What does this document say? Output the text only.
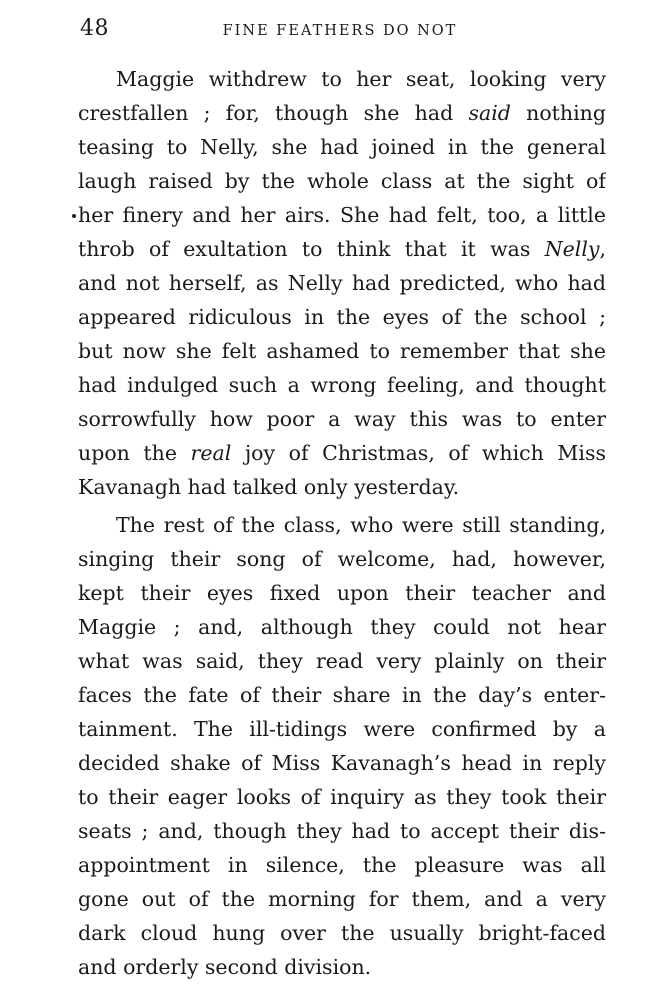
48	FINE FEATHERS DO NOT
Maggie withdrew to her seat, looking very
crestfallen ; for, though she had said nothing
teasing to Nelly, she had joined in the general
laugh raised by the whole class at the sight of
her finery and her airs. She had felt, too, a little
throb of exultation to think that it was Nelly,
and not herself, as Nelly had predicted, who had
appeared ridiculous in the eyes of the school ;
but now she felt ashamed to remember that she
had indulged such a wrong feeling, and thought
sorrowfully how poor a way this was to enter
upon the real joy of Christmas, of which Miss
Kavanagh had talked only yesterday.
The rest of the class, who were still standing,
singing their song of welcome, had, however,
kept their eyes fixed upon their teacher and
Maggie ; and, although they could not hear
what was said, they read very plainly on their
faces the fate of their share in the day’s enter-
tainment. The ill-tidings were confirmed by a
decided shake of Miss Kavanagh’s head in reply
to their eager looks of inquiry as they took their
seats ; and, though they had to accept their dis-
appointment in silence, the pleasure was all
gone out of the morning for them, and a very
dark cloud hung over the usually bright-faced
and orderly second division.
